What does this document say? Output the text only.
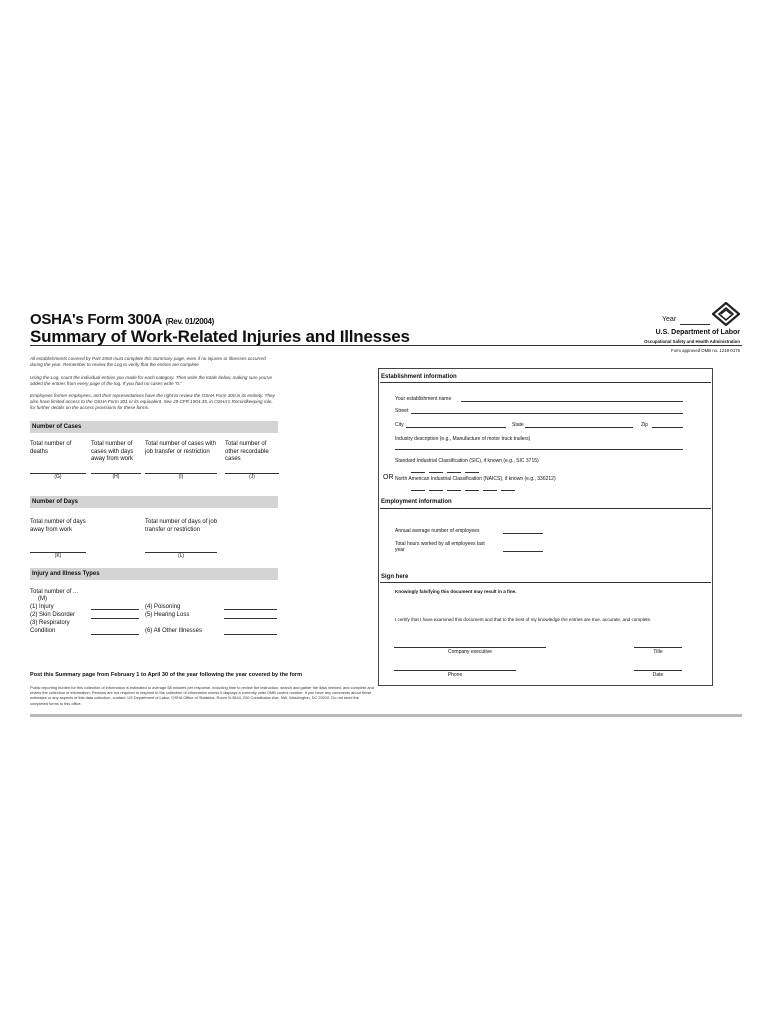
OSHA's Form 300A (Rev. 01/2004)
Summary of Work-Related Injuries and Illnesses
Year
U.S. Department of Labor
Occupational Safety and Health Administration
Form approved OMB no. 1218-0176
All establishments covered by Part 1904 must complete this Summary page, even if no injuries or illnesses occurred during the year. Remember to review the Log to verify that the entries are complete
Using the Log, count the individual entries you made for each category. Then write the totals below, making sure you've added the entries from every page of the log. If you had no cases write "0."
Employees former employees, and their representatives have the right to review the OSHA Form 300 in its entirety. They also have limited access to the OSHA Form 301 or its equivalent. See 29 CFR 1904.35, in OSHA's Recordkeeping rule, for further details on the access provisions for these forms.
Number of Cases
Total number of deaths
(G)
Total number of cases with days away from work
(H)
Total number of cases with job transfer or restriction
(I)
Total number of other recordable cases
(J)
Number of Days
Total number of days away from work
(K)
Total number of days of job transfer or restriction
(L)
Injury and Illness Types
Total number of ...
(M)
(1) Injury
(2) Skin Disorder
(3) Respiratory Condition
(4) Poisoning
(5) Hearing Loss
(6) All Other Illnesses
Post this Summary page from February 1 to April 30 of the year following the year covered by the form
Public reporting burden for this collection of information is estimated to average 58 minutes per response, including time to review the instruction, search and gather the data needed, and complete and review the collection of information. Persons are not required to respond to the collection of information unless it displays a currently valid OMB control number. If you have any comments about these estimates or any aspects of this data collection, contact: US Department of Labor, OSHA Office of Statistics, Room N-3644, 200 Constitution Ave, NW, Washington, DC 20210. Do not send the completed forms to this office.
Establishment information
Your establishment name
Street
City	State	Zip
Industry description (e.g., Manufacture of motor truck trailers)
Standard Industrial Classification (SIC), if known (e.g., SIC 3715)
OR North American Industrial Classification (NAICS), if known (e.g., 336212)
Employment information
Annual average number of employees
Total hours worked by all employees last year
Sign here
Knowingly falsifying this document may result in a fine.
I certify that I have examined this document and that to the best of my knowledge the entries are true, accurate, and complete.
Company executive	Title
Phone	Date
